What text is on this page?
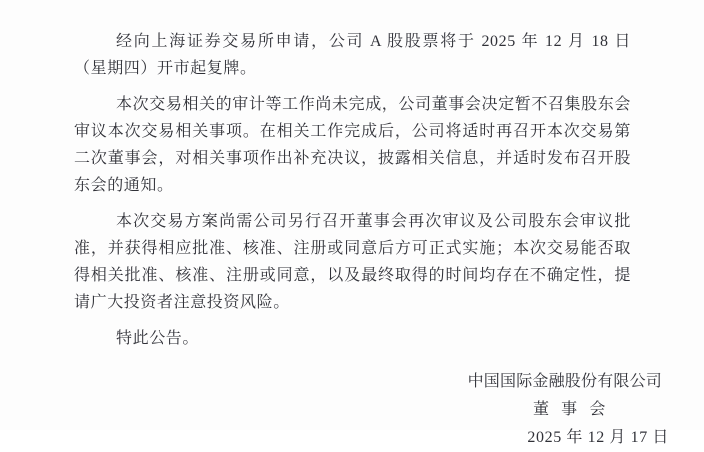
经向上海证券交易所申请，公司 A 股股票将于 2025 年 12 月 18 日（星期四）开市起复牌。

本次交易相关的审计等工作尚未完成，公司董事会决定暂不召集股东会审议本次交易相关事项。在相关工作完成后，公司将适时再召开本次交易第二次董事会，对相关事项作出补充决议，披露相关信息，并适时发布召开股东会的通知。

本次交易方案尚需公司另行召开董事会再次审议及公司股东会审议批准，并获得相应批准、核准、注册或同意后方可正式实施；本次交易能否取得相关批准、核准、注册或同意，以及最终取得的时间均存在不确定性，提请广大投资者注意投资风险。

特此公告。

中国国际金融股份有限公司
董 事 会
2025 年 12 月 17 日
